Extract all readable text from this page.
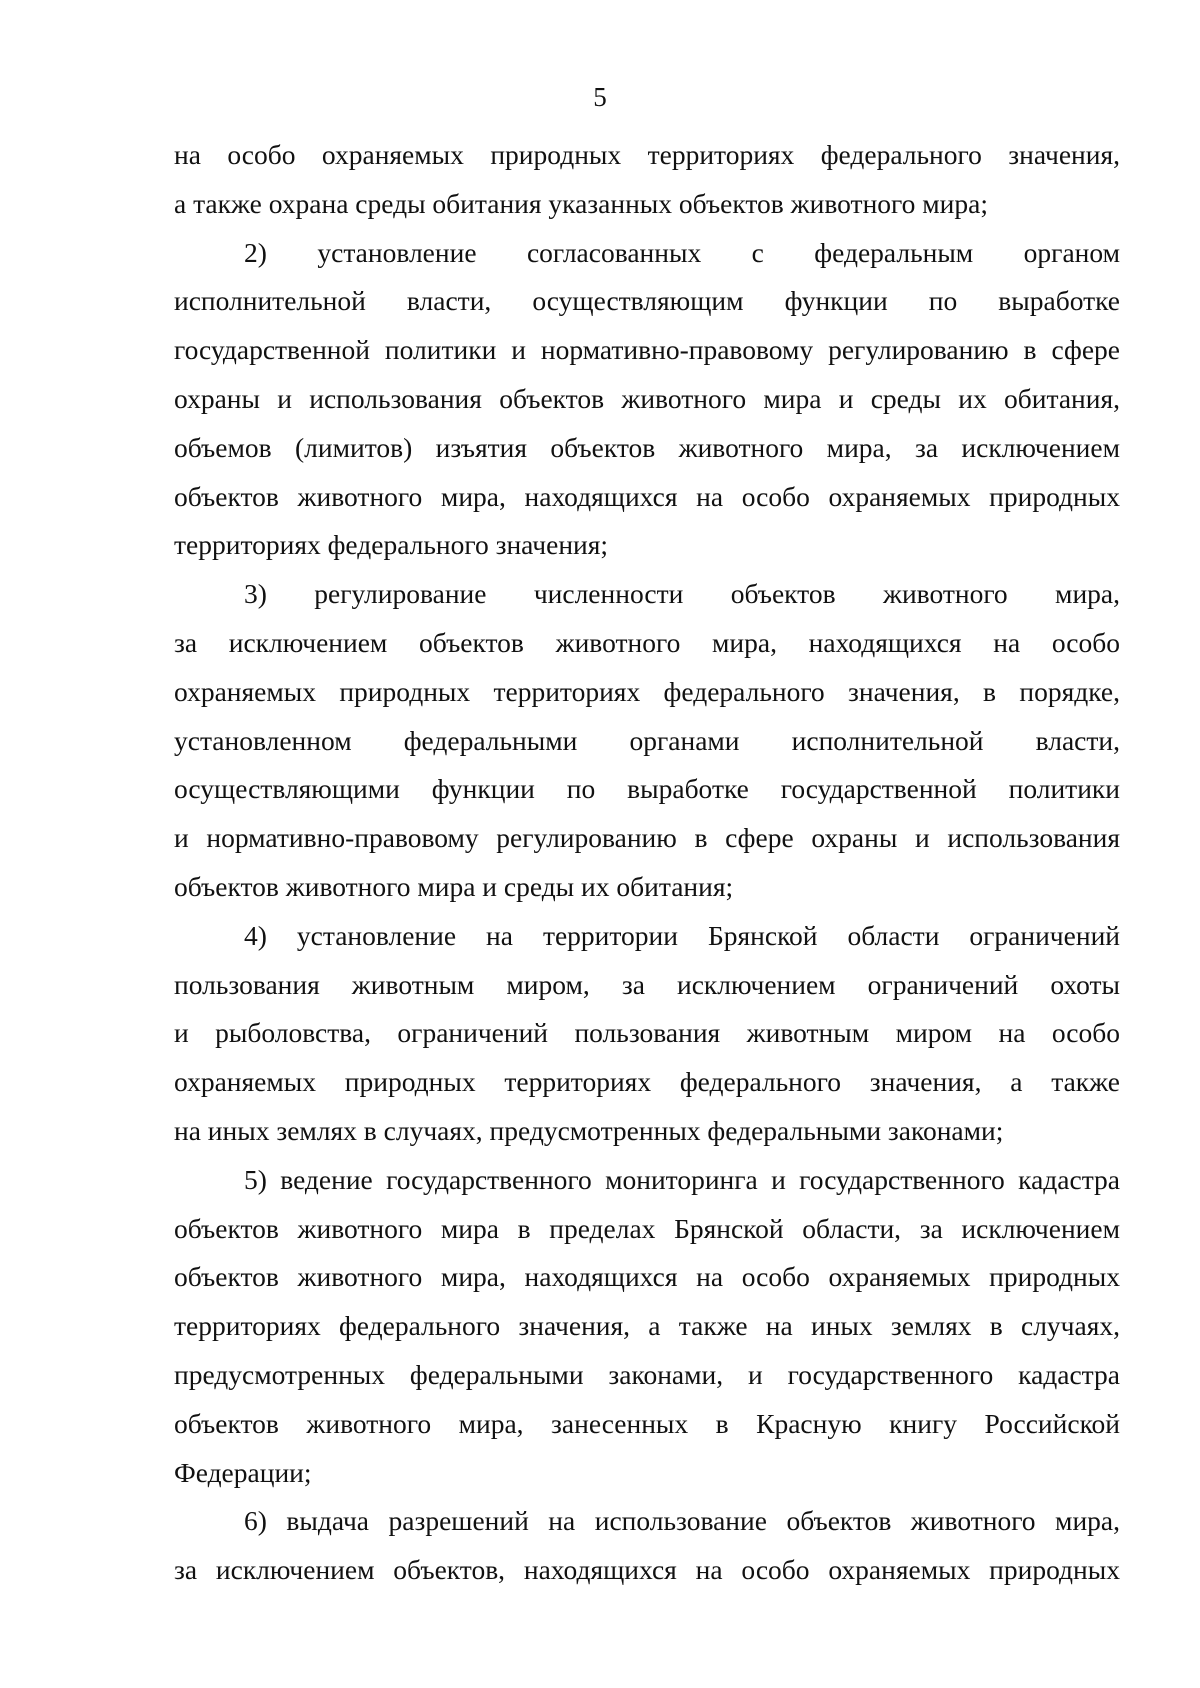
5
на особо охраняемых природных территориях федерального значения,
а также охрана среды обитания указанных объектов животного мира;
2) установление согласованных с федеральным органом
исполнительной власти, осуществляющим функции по выработке
государственной политики и нормативно-правовому регулированию в сфере
охраны и использования объектов животного мира и среды их обитания,
объемов (лимитов) изъятия объектов животного мира, за исключением
объектов животного мира, находящихся на особо охраняемых природных
территориях федерального значения;
3) регулирование численности объектов животного мира,
за исключением объектов животного мира, находящихся на особо
охраняемых природных территориях федерального значения, в порядке,
установленном федеральными органами исполнительной власти,
осуществляющими функции по выработке государственной политики
и нормативно-правовому регулированию в сфере охраны и использования
объектов животного мира и среды их обитания;
4) установление на территории Брянской области ограничений
пользования животным миром, за исключением ограничений охоты
и рыболовства, ограничений пользования животным миром на особо
охраняемых природных территориях федерального значения, а также
на иных землях в случаях, предусмотренных федеральными законами;
5) ведение государственного мониторинга и государственного кадастра
объектов животного мира в пределах Брянской области, за исключением
объектов животного мира, находящихся на особо охраняемых природных
территориях федерального значения, а также на иных землях в случаях,
предусмотренных федеральными законами, и государственного кадастра
объектов животного мира, занесенных в Красную книгу Российской
Федерации;
6) выдача разрешений на использование объектов животного мира,
за исключением объектов, находящихся на особо охраняемых природных
